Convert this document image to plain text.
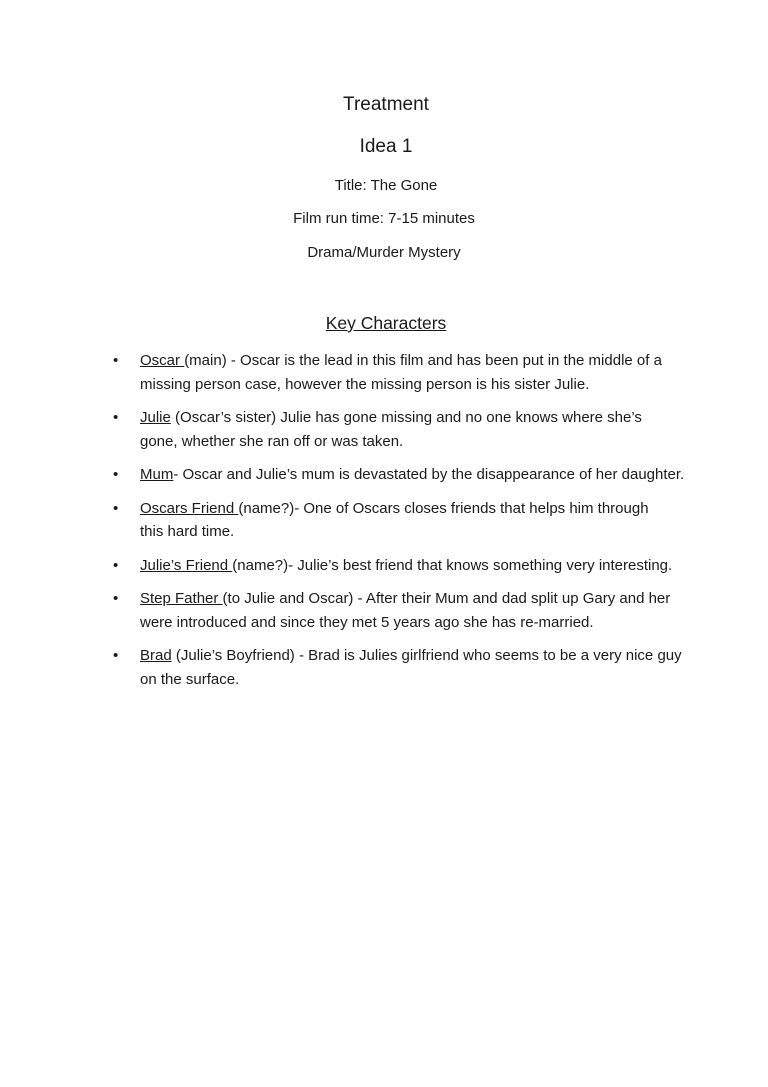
Treatment
Idea 1
Title: The Gone
Film run time: 7-15 minutes
Drama/Murder Mystery
Key Characters
• Oscar (main) - Oscar is the lead in this film and has been put in the middle of a missing person case, however the missing person is his sister Julie.
• Julie (Oscar’s sister) Julie has gone missing and no one knows where she’s gone, whether she ran off or was taken.
• Mum- Oscar and Julie’s mum is devastated by the disappearance of her daughter.
• Oscars Friend (name?)- One of Oscars closes friends that helps him through this hard time.
• Julie’s Friend (name?)- Julie’s best friend that knows something very interesting.
• Step Father (to Julie and Oscar) - After their Mum and dad split up Gary and her were introduced and since they met 5 years ago she has re-married.
• Brad (Julie’s Boyfriend) - Brad is Julies girlfriend who seems to be a very nice guy on the surface.
